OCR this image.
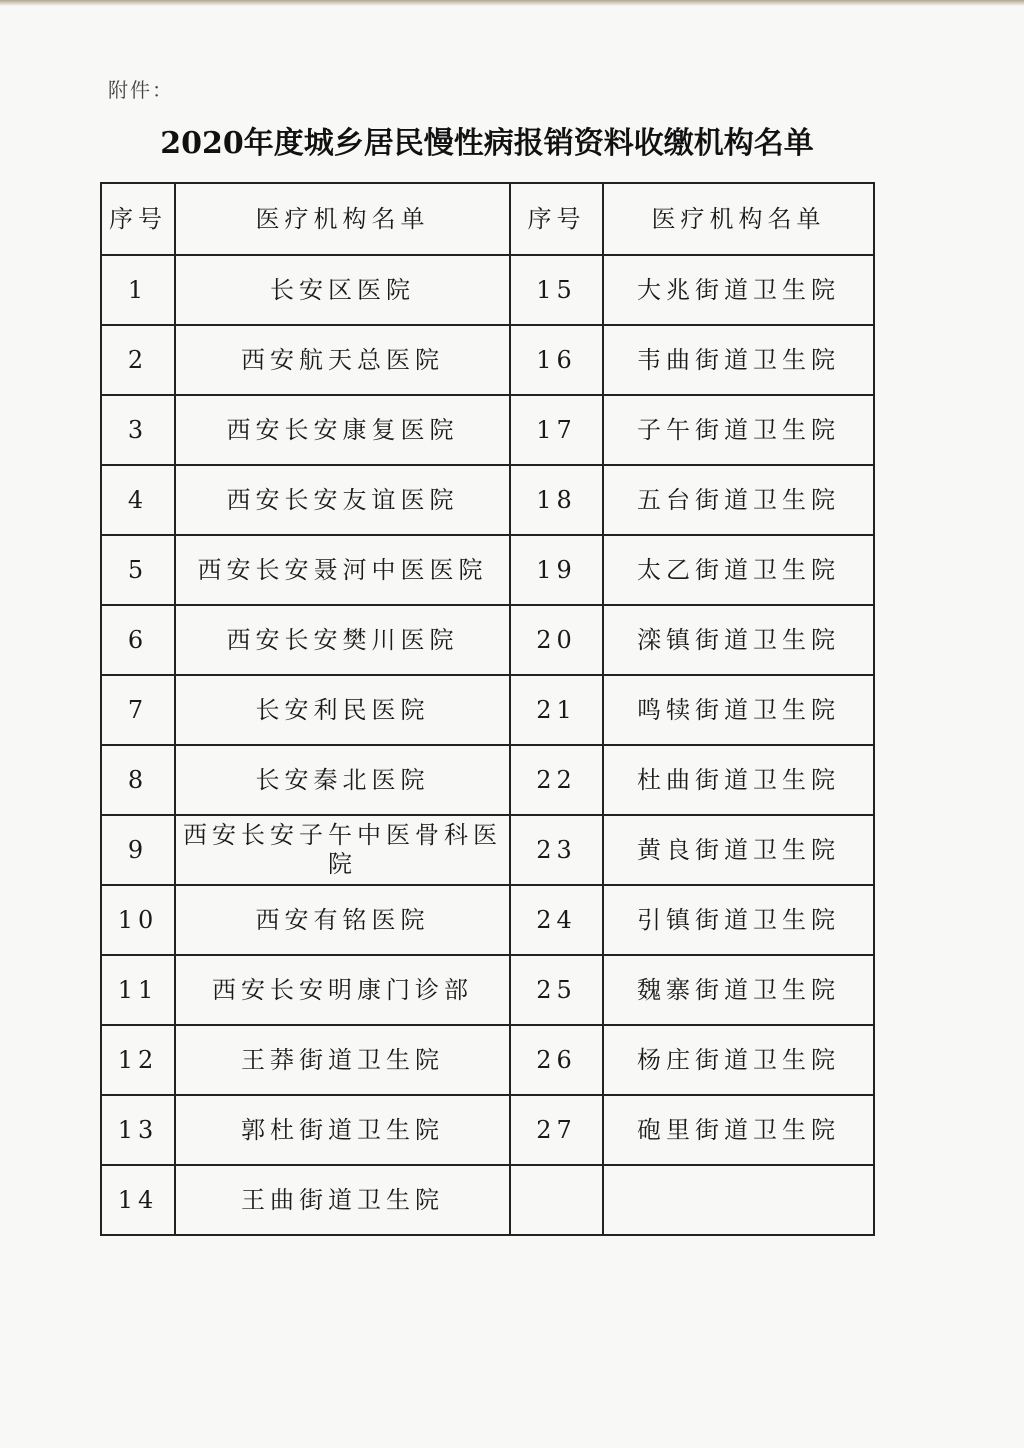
附件：
2020年度城乡居民慢性病报销资料收缴机构名单
序号	医疗机构名单	序号	医疗机构名单
1	长安区医院	15	大兆街道卫生院
2	西安航天总医院	16	韦曲街道卫生院
3	西安长安康复医院	17	子午街道卫生院
4	西安长安友谊医院	18	五台街道卫生院
5	西安长安聂河中医医院	19	太乙街道卫生院
6	西安长安樊川医院	20	滦镇街道卫生院
7	长安利民医院	21	鸣犊街道卫生院
8	长安秦北医院	22	杜曲街道卫生院
9	西安长安子午中医骨科医院	23	黄良街道卫生院
10	西安有铭医院	24	引镇街道卫生院
11	西安长安明康门诊部	25	魏寨街道卫生院
12	王莽街道卫生院	26	杨庄街道卫生院
13	郭杜街道卫生院	27	砲里街道卫生院
14	王曲街道卫生院		
